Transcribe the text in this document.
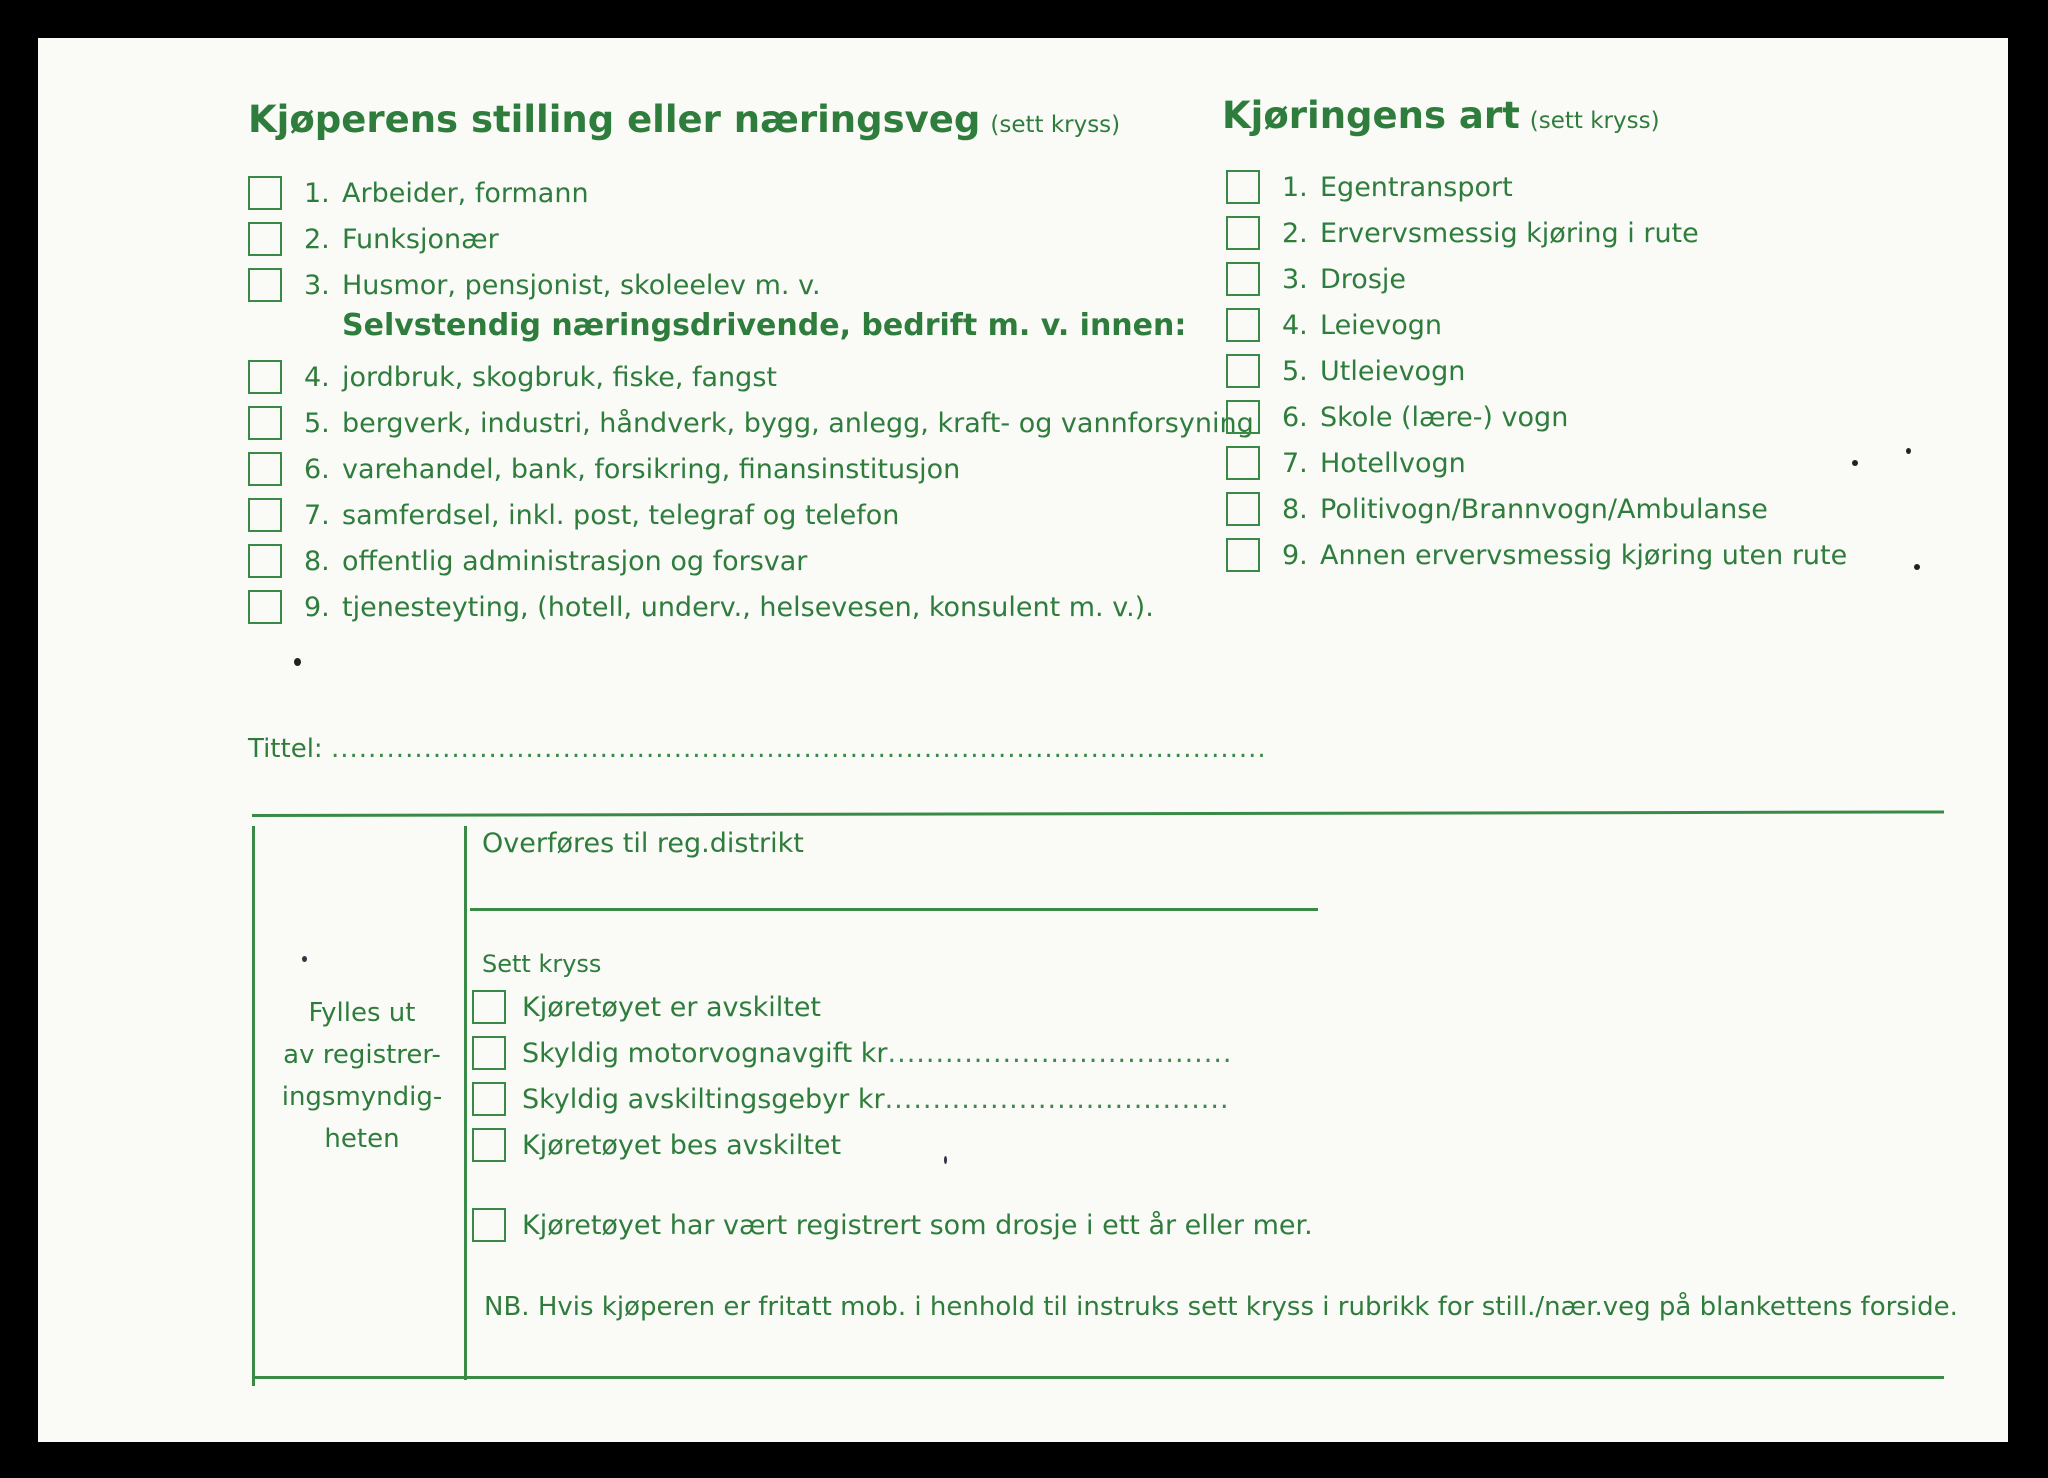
Kjøperens stilling eller næringsveg (sett kryss)	Kjøringens art (sett kryss)
1. Arbeider, formann
2. Funksjonær
3. Husmor, pensjonist, skoleelev m. v.
Selvstendig næringsdrivende, bedrift m. v. innen:
4. jordbruk, skogbruk, fiske, fangst
5. bergverk, industri, håndverk, bygg, anlegg, kraft- og vannforsyning
6. varehandel, bank, forsikring, finansinstitusjon
7. samferdsel, inkl. post, telegraf og telefon
8. offentlig administrasjon og forsvar
9. tjenesteyting, (hotell, underv., helsevesen, konsulent m. v.).
1. Egentransport
2. Ervervsmessig kjøring i rute
3. Drosje
4. Leievogn
5. Utleievogn
6. Skole (lære-) vogn
7. Hotellvogn
8. Politivogn/Brannvogn/Ambulanse
9. Annen ervervsmessig kjøring uten rute
Tittel: .....................................................................................................
Fylles ut
av registrer-
ingsmyndig-
heten
Overføres til reg.distrikt
Sett kryss
Kjøretøyet er avskiltet
Skyldig motorvognavgift kr ....................................
Skyldig avskiltingsgebyr kr ....................................
Kjøretøyet bes avskiltet
Kjøretøyet har vært registrert som drosje i ett år eller mer.
NB. Hvis kjøperen er fritatt mob. i henhold til instruks sett kryss i rubrikk for still./nær.veg på blankettens forside.
